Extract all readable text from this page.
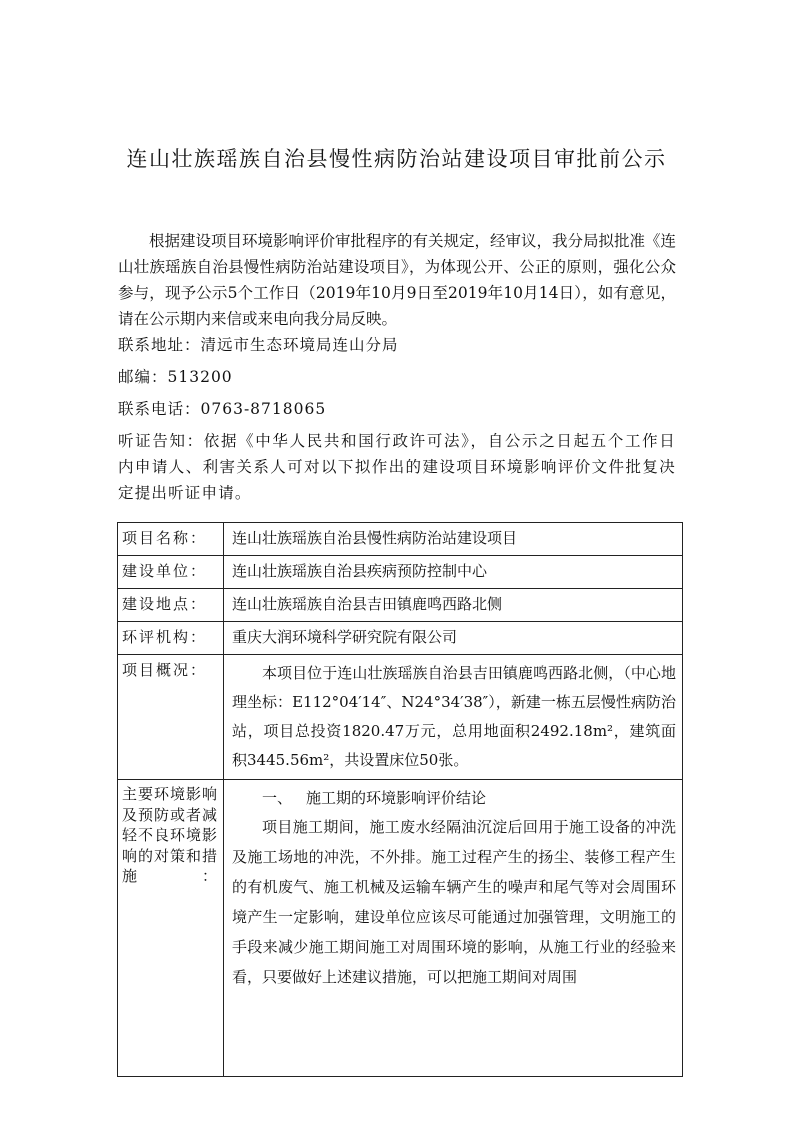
连山壮族瑶族自治县慢性病防治站建设项目审批前公示

根据建设项目环境影响评价审批程序的有关规定，经审议，我分局拟批准《连山壮族瑶族自治县慢性病防治站建设项目》，为体现公开、公正的原则，强化公众参与，现予公示5个工作日（2019年10月9日至2019年10月14日），如有意见，请在公示期内来信或来电向我分局反映。

联系地址：清远市生态环境局连山分局

邮编：513200

联系电话：0763-8718065

听证告知：依据《中华人民共和国行政许可法》，自公示之日起五个工作日内申请人、利害关系人可对以下拟作出的建设项目环境影响评价文件批复决定提出听证申请。

项目名称：	连山壮族瑶族自治县慢性病防治站建设项目
建设单位：	连山壮族瑶族自治县疾病预防控制中心
建设地点：	连山壮族瑶族自治县吉田镇鹿鸣西路北侧
环评机构：	重庆大润环境科学研究院有限公司
项目概况：	本项目位于连山壮族瑶族自治县吉田镇鹿鸣西路北侧，（中心地理坐标：E112°04′14″、N24°34′38″），新建一栋五层慢性病防治站，项目总投资1820.47万元，总用地面积2492.18m²，建筑面积3445.56m²，共设置床位50张。
主要环境影响及预防或者减轻不良环境影响的对策和措施：	一、 施工期的环境影响评价结论

项目施工期间，施工废水经隔油沉淀后回用于施工设备的冲洗及施工场地的冲洗，不外排。施工过程产生的扬尘、装修工程产生的有机废气、施工机械及运输车辆产生的噪声和尾气等对会周围环境产生一定影响，建设单位应该尽可能通过加强管理，文明施工的手段来减少施工期间施工对周围环境的影响，从施工行业的经验来看，只要做好上述建议措施，可以把施工期间对周围
